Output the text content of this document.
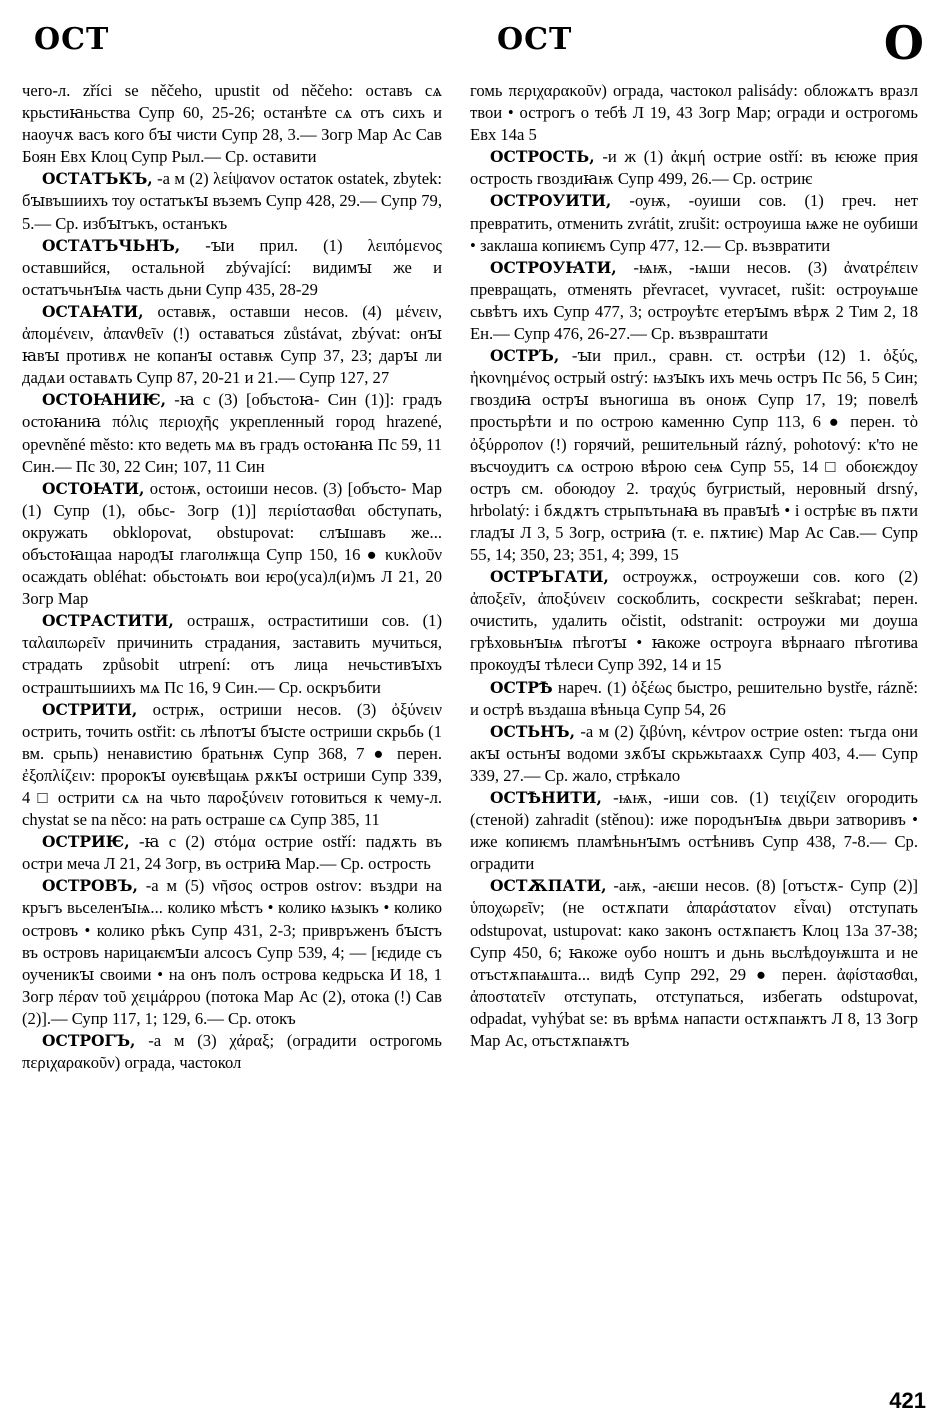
ОСТ	ОСТ	О

чего-л. zříci se něčeho, upustit od něčeho: оставъ сѧ крьстиꙗньства Супр 60, 25-26; останѣте сѧ отъ сихъ и наоучѫ васъ кого бꙑ чисти Супр 28, 3.— Зогр Мар Ас Сав Боян Евх Клоц Супр Рыл.— Ср. оставити

ОСТАТЪКЪ, -а м (2) λείψανον остаток ostatek, zbytek: бꙑвъшиихъ тоу остатъкꙑ въземъ Супр 428, 29.— Супр 79, 5.— Ср. избꙑтъкъ, останъкъ

ОСТАТЪЧЬНЪ, -ꙑи прил. (1) λειπόμενος оставшийся, остальной zbývající: видимꙑ же и остатъчьнꙑѩ часть дьни Супр 435, 28-29

ОСТАꙖТИ, оставѭ, оставши несов. (4) μένειν, ἀπομένειν, ἀπανθεῖν (!) оставаться zůstávat, zbývat: онꙑ ꙗвꙑ противѫ не копанꙑ оставѭ Супр 37, 23; дарꙑ ли дадѧи оставѧть Супр 87, 20-21 и 21.— Супр 127, 27

ОСТОꙖНИѤ, -ꙗ с (3) [объстоꙗ- Син (1)]: градъ остоꙗниꙗ πόλις περιοχῆς укрепленный город hrazené, opevněné město: кто ведеть мѧ въ градъ остоꙗнꙗ Пс 59, 11 Син.— Пс 30, 22 Син; 107, 11 Син

ОСТОꙖТИ, остоѭ, остоиши несов. (3) [объсто- Мар (1) Супр (1), обьс- Зогр (1)] περιίστασθαι обступать, окружать obklopovat, obstupovat: слꙑшавъ же... объстоꙗщаа народꙑ глаголѭща Супр 150, 16 ● κυκλοῦν осаждать obléhat: обьстоѩть вои ѥро(уса)л(и)мъ Л 21, 20 Зогр Мар

ОСТРАСТИТИ, острашѫ, остраститиши сов. (1) ταλαιπωρεῖν причинить страдания, заставить мучиться, страдать způsobit utrpení: отъ лица нечьстивꙑхъ остраштьшиихъ мѧ Пс 16, 9 Син.— Ср. оскръбити

ОСТРИТИ, острѭ, остриши несов. (3) ὀξύνειν острить, точить ostřit: сь лѣпотꙑ бꙑсте остриши скрьбь (1 вм. срьпь) ненавистию братьнѭ Супр 368, 7 ● перен. ἐξοπλίζειν: пророкꙑ оуѥвѣщаѩ рѫкꙑ остриши Супр 339, 4 □ острити сѧ на чьто παροξύνειν готовиться к чему-л. chystat se na něco: на рать остраше сѧ Супр 385, 11

ОСТРИѤ, -ꙗ с (2) στόμα острие ostří: падѫть въ остри меча Л 21, 24 Зогр, въ остриꙗ Мар.— Ср. острость

ОСТРОВЪ, -а м (5) νῆσος остров ostrov: въздри на кръгъ вьселенꙑѩ... колико мѣстъ • колико ѩзыкъ • колико островъ • колико рѣкъ Супр 431, 2-3; привръженъ бꙑстъ въ островъ нарицаѥмꙑи алсосъ Супр 539, 4; — [ѥдиде съ оученикꙑ своими • на онъ полъ острова кедрьска И 18, 1 Зогр πέραν τοῦ χειμάρρου (потока Мар Ас (2), отока (!) Сав (2)].— Супр 117, 1; 129, 6.— Ср. отокъ

ОСТРОГЪ, -а м (3) χάραξ; (оградити острогомь περιχαρακοῦν) ограда, частокол

гомь περιχαρακοῦν) ограда, частокол palisády: обложѧтъ вразл твои • острогъ о тебѣ Л 19, 43 Зогр Мар; огради и острогомь Евх 14а 5

ОСТРОСТЬ, -и ж (1) ἀκμή острие ostří: въ ѥюже прия острость гвоздиꙗѭ Супр 499, 26.— Ср. остриѥ

ОСТРОУИТИ, -оуѭ, -оуиши сов. (1) греч. нет превратить, отменить zvrátit, zrušit: остроуиша ѩже не оубиши • заклаша копиѥмъ Супр 477, 12.— Ср. възвратити

ОСТРОУꙖТИ, -ѩѭ, -ѩши несов. (3) ἀνατρέπειν превращать, отменять převracet, vyvracet, rušit: остроуѩше сьвѣтъ ихъ Супр 477, 3; остроуѣтє етерꙑмъ вѣрѫ 2 Тим 2, 18 Ен.— Супр 476, 26-27.— Ср. възвраштати

ОСТРЪ, -ꙑи прил., сравн. ст. острѣи (12) 1. ὀξύς, ἠκονημένος острый ostrý: ѩзꙑкъ ихъ мечь остръ Пс 56, 5 Син; гвоздиꙗ острꙑ въногиша въ оноѭ Супр 17, 19; повелѣ простьрѣти и по острою каменню Супр 113, 6 ● перен. τὸ ὀξύρροπον (!) горячий, решительный rázný, pohotový: к'то не въсчоудитъ сѧ острою вѣрою сеѩ Супр 55, 14 □ обоѥждоу остръ см. обоюдоу 2. τραχύς бугристый, неровный drsný, hrbolatý: і бѫдѫтъ стрьпътьнаꙗ въ правꙑѣ • і острѣѥ въ пѫти гладꙑ Л 3, 5 Зогр, остриꙗ (т. е. пѫтиѥ) Мар Ас Сав.— Супр 55, 14; 350, 23; 351, 4; 399, 15

ОСТРЪГАТИ, остроужѫ, остроужеши сов. кого (2) ἀποξεῖν, ἀποξύνειν соскоблить, соскрести seškrabat; перен. очистить, удалить očistit, odstranit: остроужи ми доуша грѣховьнꙑѩ пѣготꙑ • ꙗкоже остроуга вѣрнааго пѣготива прокоудꙑ тѣлеси Супр 392, 14 и 15

ОСТРѢ нареч. (1) ὀξέως быстро, решительно bystře, rázně: и острѣ въздаша вѣньца Супр 54, 26

ОСТЬНЪ, -а м (2) ζιβύνη, κέντρον острие osten: тъгда они акꙑ остьнꙑ водоми зѫбꙑ скрьжьтаахѫ Супр 403, 4.— Супр 339, 27.— Ср. жало, стрѣкало

ОСТѢНИТИ, -ѩѭ, -иши сов. (1) τειχίζειν огородить (стеной) zahradit (stěnou): иже породънꙑѩ двьри затворивъ • иже копиѥмъ пламѣньнꙑмъ остѣнивъ Супр 438, 7-8.— Ср. оградити

ОСТѪПАТИ, -аѭ, -аѥши несов. (8) [отъстѫ- Супр (2)] ὑποχωρεῖν; (не остѫпати ἀπαράστατον εἶναι) отступать odstupovat, ustupovat: како законъ остѫпаѥтъ Клоц 13а 37-38; Супр 450, 6; ꙗкоже оубо ноштъ и дьнь вьслѣдоуѭшта и не отъстѫпаѩшта... видѣ Супр 292, 29 ● перен. ἀφίστασθαι, ἀποστατεῖν отступать, отступаться, избегать odstupovat, odpadat, vyhýbat se: въ врѣмѧ напасти остѫпаѭтъ Л 8, 13 Зогр Мар Ас, отъстѫпаѭтъ

421
